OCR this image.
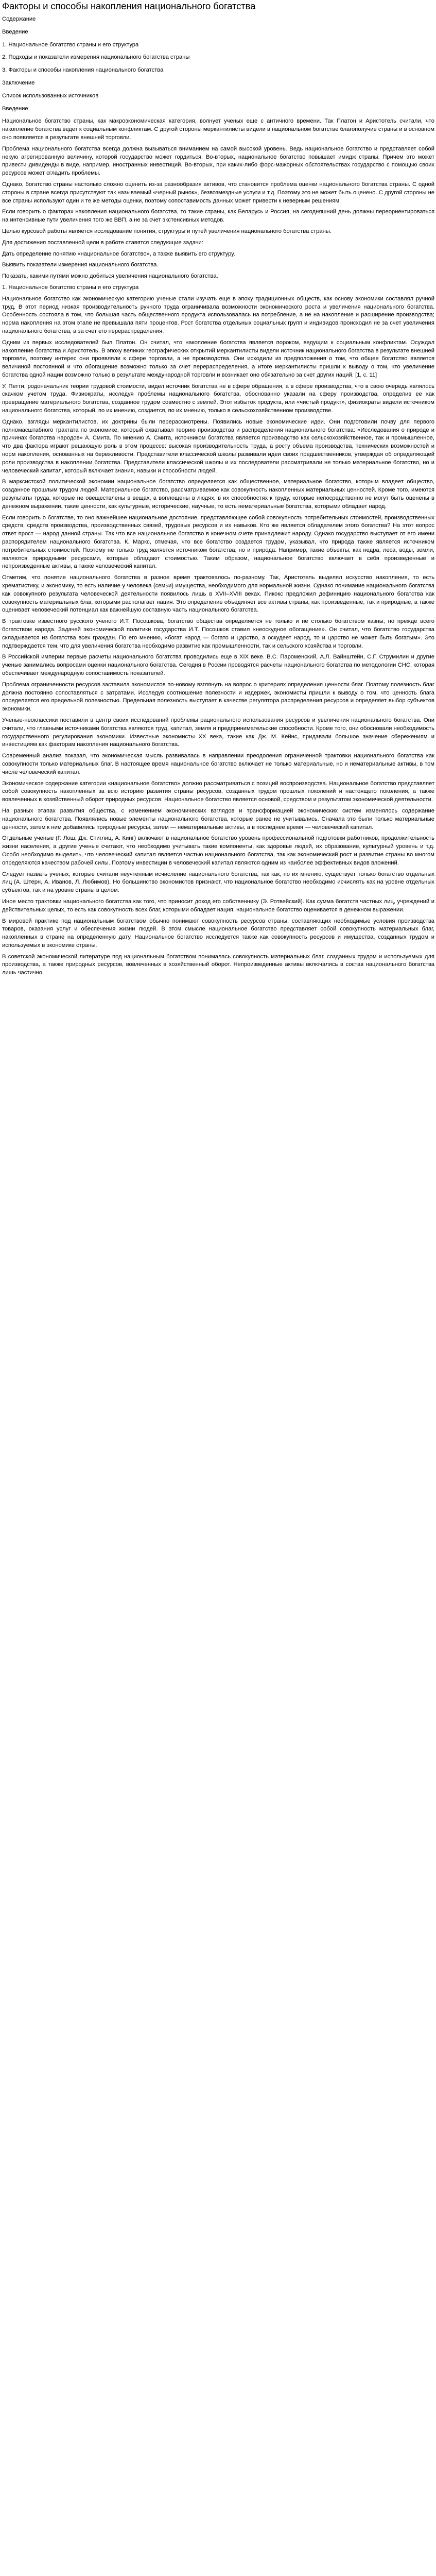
Факторы и способы накопления национального богатства

Содержание

Введение

1. Национальное богатство страны и его структура

2. Подходы и показатели измерения национального богатства страны

3. Факторы и способы накопления национального богатства

Заключение

Список использованных источников

Введение

Национальное богатство страны, как макроэкономическая категория, волнует ученых еще с античного времени. Так Платон и Аристотель считали, что накопление богатства ведет к социальным конфликтам. С другой стороны меркантилисты видели в национальном богатстве благополучие страны и в основном оно появляется в результате внешней торговли.

Проблема национального богатства всегда должна вызываться вниманием на самой высокой уровень. Ведь национальное богатство и представляет собой некую агрегированную величину, которой государство может гордиться. Во-вторых, национальное богатство повышает имидж страны. Причем это может привести дивиденды в виде, например, иностранных инвестиций. Во-вторых, при каких-либо форс-мажорных обстоятельствах государство с помощью своих ресурсов может сгладить проблемы.

Однако, богатство страны настолько сложно оценить из-за разнообразия активов, что становится проблема оценки национального богатства страны. С одной стороны в стране всегда присутствуют так называемый «черный рынок», безвозмездные услуги и т.д. Поэтому это не может быть оценено. С другой стороны не все страны используют один и те же методы оценки, поэтому сопоставимость данных может привести к неверным решениям.

Если говорить о факторах накопления национального богатства, то такие страны, как Беларусь и Россия, на сегодняшний день должны переориентироваться на интенсивные пути увеличения того же ВВП, а не за счет экстенсивных методов.

Целью курсовой работы является исследование понятия, структуры и путей увеличения национального богатства страны.

Для достижения поставленной цели в работе ставятся следующие задачи:

Дать определение понятию «национальное богатство», а также выявить его структуру.

Выявить показатели измерения национального богатства.

Показать, какими путями можно добиться увеличения национального богатства.

1. Национальное богатство страны и его структура

Национальное богатство как экономическую категорию ученые стали изучать еще в эпоху традиционных обществ, как основу экономики составлял ручной труд. В этот период низкая производительность ручного труда ограничивала возможности экономического роста и увеличения национального богатства. Особенность состояла в том, что большая часть общественного продукта использовалась на потребление, а не на накопление и расширение производства; норма накопления на этом этапе не превышала пяти процентов. Рост богатства отдельных социальных групп и индивидов происходил не за счет увеличения национального богатства, а за счет его перераспределения.

Одним из первых исследователей был Платон. Он считал, что накопление богатства является пороком, ведущим к социальным конфликтам. Осуждал накопление богатства и Аристотель. В эпоху великих географических открытий меркантилисты видели источник национального богатства в результате внешней торговли, поэтому интерес они проявляли к сфере торговли, а не производства. Они исходили из предположения о том, что общее богатство является величиной постоянной и что обогащение возможно только за счет перераспределения, а итоге меркантилисты пришли к выводу о том, что увеличение богатства одной нации возможно только в результате международной торговли и возникает оно обязательно за счет других наций. [1, с. 11]

У. Петти, родоначальник теории трудовой стоимости, видел источник богатства не в сфере обращения, а в сфере производства, что в свою очередь являлось скачком учетом труда. Физиократы, исследуя проблемы национального богатства, обоснованно указали на сферу производства, определив ее как превращение материального богатства, созданное трудом совместно с землей. Этот избыток продукта, или «чистый продукт», физиократы видели источником национального богатства, который, по их мнению, создается, по их мнению, только в сельскохозяйственном производстве.

Однако, взгляды меркантилистов, их доктрины были перерассмотрены. Появились новые экономические идеи. Они подготовили почву для первого полномасштабного трактата по экономике, который охватывал теорию производства и распределения национального богатства: «Исследования о природе и причинах богатства народов» А. Смита. По мнению А. Смита, источником богатства является производство как сельскохозяйственное, так и промышленное, что два фактора играют решающую роль в этом процессе: высокая производительность труда, а росту объема производства, технических возможностей и норм накопления, основанных на бережливости. Представители классической школы развивали идеи своих предшественников, утверждая об определяющей роли производства в накоплении богатства. Представители классической школы и их последователи рассматривали не только материальное богатство, но и человеческий капитал, который включает знания, навыки и способности людей.

В марксистской политической экономии национальное богатство определяется как общественное, материальное богатство, которым владеет общество, созданное прошлым трудом людей. Материальное богатство, рассматриваемое как совокупность накопленных материальных ценностей. Кроме того, имеются результаты труда, которые не овеществлены в вещах, а воплощены в людях, в их способностях к труду, которые непосредственно не могут быть оценены в денежном выражении, такие ценности, как культурные, исторические, научные, то есть нематериальные богатства, которыми обладает народ.

Если говорить о богатстве, то оно важнейшее национальное достояние, представляющее собой совокупность потребительных стоимостей, производственных средств, средств производства, производственных связей, трудовых ресурсов и их навыков. Кто же является обладателем этого богатства? На этот вопрос ответ прост — народ данной страны. Так что все национальное богатство в конечном счете принадлежит народу. Однако государство выступает от его имени распорядителем национального богатства. К. Маркс, отмечая, что все богатство создается трудом, указывал, что природа также является источником потребительных стоимостей. Поэтому не только труд является источником богатства, но и природа. Например, такие объекты, как недра, леса, воды, земли, являются природными ресурсами, которые обладают стоимостью. Таким образом, национальное богатство включает в себя произведенные и непроизведенные активы, а также человеческий капитал.

Отметим, что понятие национального богатства в разное время трактовалось по-разному. Так, Аристотель выделял искусство накопления, то есть хрематистику, и экономику, то есть наличие у человека (семьи) имущества, необходимого для нормальной жизни. Однако понимание национального богатства как совокупного результата человеческой деятельности появилось лишь в XVII–XVIII веках. Пикокс предложил дефиницию национального богатства как совокупность материальных благ, которыми располагает нация. Это определение объединяет все активы страны, как произведенные, так и природные, а также оценивает человеческий потенциал как важнейшую составную часть национального богатства.

В трактовке известного русского ученого И.Т. Посошкова, богатство общества определяется не только и не столько богатством казны, но прежде всего богатством народа. Задачей экономической политики государства И.Т. Посошков ставил «неоскудное обогащение». Он считал, что богатство государства складывается из богатства всех граждан. По его мнению, «богат народ — богато и царство, а оскудеет народ, то и царство не может быть богатым». Это подтверждается тем, что для увеличения богатства необходимо развитие как промышленности, так и сельского хозяйства и торговли.

В Российской империи первые расчеты национального богатства проводились еще в XIX веке. В.С. Пароменский, А.Л. Вайнштейн, С.Г. Струмилин и другие ученые занимались вопросами оценки национального богатства. Сегодня в России проводятся расчеты национального богатства по методологии СНС, которая обеспечивает международную сопоставимость показателей.

Проблема ограниченности ресурсов заставила экономистов по-новому взглянуть на вопрос о критериях определения ценности благ. Поэтому полезность благ должна постоянно сопоставляться с затратами. Исследуя соотношение полезности и издержек, экономисты пришли к выводу о том, что ценность блага определяется его предельной полезностью. Предельная полезность выступает в качестве регулятора распределения ресурсов и определяет выбор субъектов экономики.

Ученые-неоклассики поставили в центр своих исследований проблемы рационального использования ресурсов и увеличения национального богатства. Они считали, что главными источниками богатства являются труд, капитал, земля и предпринимательские способности. Кроме того, они обосновали необходимость государственного регулирования экономики. Известные экономисты XX века, такие как Дж. М. Кейнс, придавали большое значение сбережениям и инвестициям как факторам накопления национального богатства.

Современный анализ показал, что экономическая мысль развивалась в направлении преодоления ограниченной трактовки национального богатства как совокупности только материальных благ. В настоящее время национальное богатство включает не только материальные, но и нематериальные активы, в том числе человеческий капитал.

Экономическое содержание категории «национальное богатство» должно рассматриваться с позиций воспроизводства. Национальное богатство представляет собой совокупность накопленных за всю историю развития страны ресурсов, созданных трудом прошлых поколений и настоящего поколения, а также вовлеченных в хозяйственный оборот природных ресурсов. Национальное богатство является основой, средством и результатом экономической деятельности.

На разных этапах развития общества, с изменением экономических взглядов и трансформацией экономических систем изменялось содержание национального богатства. Появлялись новые элементы национального богатства, которые ранее не учитывались. Сначала это были только материальные ценности, затем к ним добавились природные ресурсы, затем — нематериальные активы, а в последнее время — человеческий капитал.

Отдельные ученые (Г. Лош, Дж. Стиглиц, А. Кинг) включают в национальное богатство уровень профессиональной подготовки работников, продолжительность жизни населения, а другие ученые считают, что необходимо учитывать такие компоненты, как здоровье людей, их образование, культурный уровень и т.д. Особо необходимо выделить, что человеческий капитал является частью национального богатства, так как экономический рост и развитие страны во многом определяются качеством рабочей силы. Поэтому инвестиции в человеческий капитал являются одним из наиболее эффективных видов вложений.

Следует назвать ученых, которые считали неучтенным исчисление национального богатства, так как, по их мнению, существует только богатство отдельных лиц (А. Штерн, А. Иванов, Л. Любимов). Но большинство экономистов признают, что национальное богатство необходимо исчислять как на уровне отдельных субъектов, так и на уровне страны в целом.

Иное место трактовки национального богатства как того, что приносит доход его собственнику (Э. Ротвейский). Как сумма богатств частных лиц, учреждений и действительных целых, то есть как совокупность всех благ, которыми обладает нация, национальное богатство оценивается в денежном выражении.

В мировой практике под национальным богатством обычно понимают совокупность ресурсов страны, составляющих необходимые условия производства товаров, оказания услуг и обеспечения жизни людей. В этом смысле национальное богатство представляет собой совокупность материальных благ, накопленных в стране на определенную дату. Национальное богатство исследуется также как совокупность ресурсов и имущества, созданных трудом и используемых в экономике страны.

В советской экономической литературе под национальным богатством понималась совокупность материальных благ, созданных трудом и используемых для производства, а также природных ресурсов, вовлеченных в хозяйственный оборот. Непроизведенные активы включались в состав национального богатства лишь частично.
